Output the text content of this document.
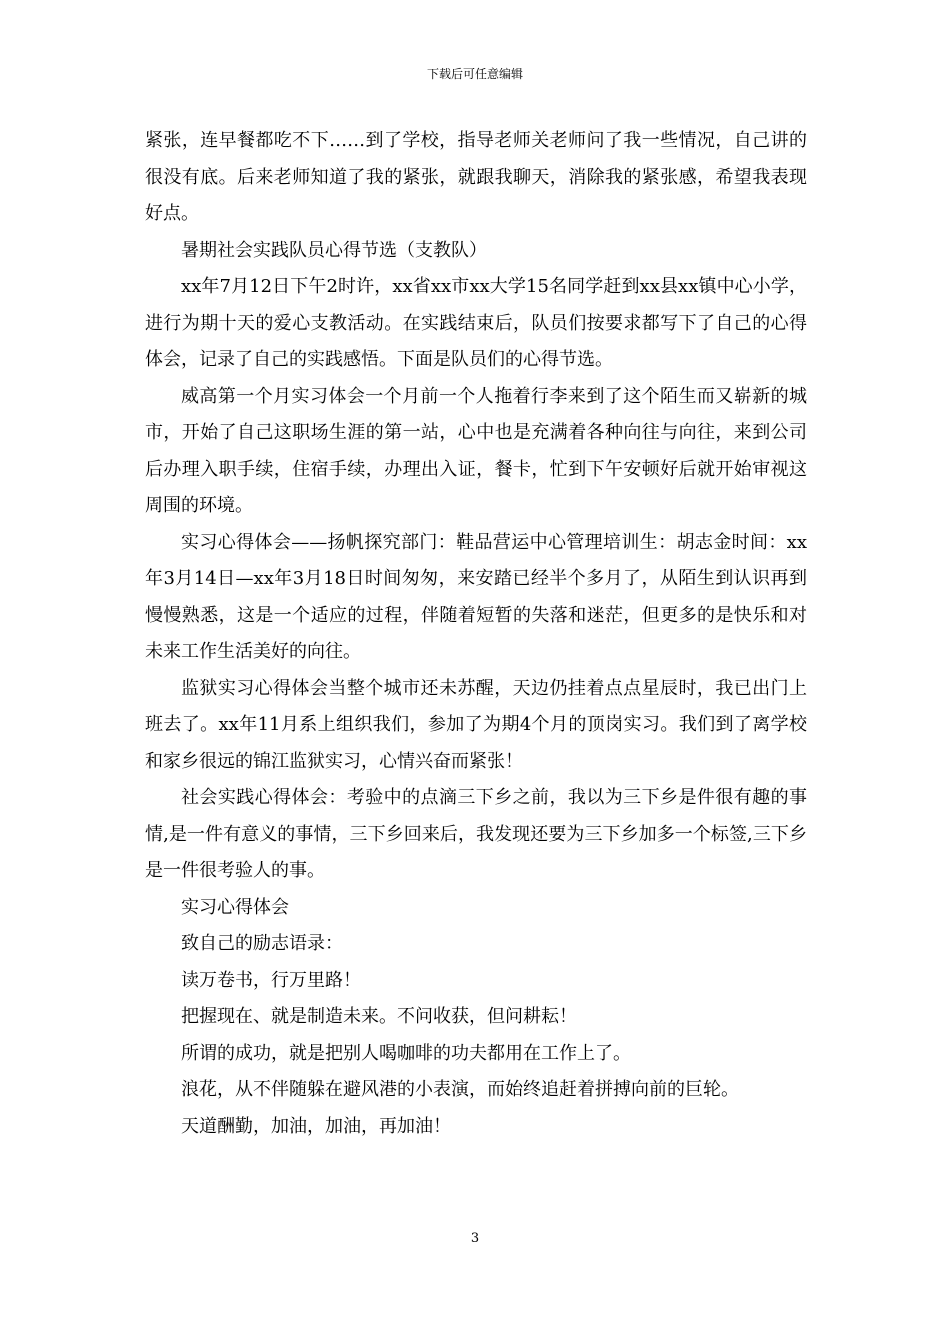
下载后可任意编辑

紧张，连早餐都吃不下……到了学校，指导老师关老师问了我一些情况，自己讲的很没有底。后来老师知道了我的紧张，就跟我聊天，消除我的紧张感，希望我表现好点。

暑期社会实践队员心得节选（支教队）

xx年7月12日下午2时许，xx省xx市xx大学15名同学赶到xx县xx镇中心小学，进行为期十天的爱心支教活动。在实践结束后，队员们按要求都写下了自己的心得体会，记录了自己的实践感悟。下面是队员们的心得节选。

威高第一个月实习体会一个月前一个人拖着行李来到了这个陌生而又崭新的城市，开始了自己这职场生涯的第一站，心中也是充满着各种向往与向往，来到公司后办理入职手续，住宿手续，办理出入证，餐卡，忙到下午安顿好后就开始审视这周围的环境。

实习心得体会——扬帆探究部门：鞋品营运中心管理培训生：胡志金时间：xx年3月14日—xx年3月18日时间匆匆，来安踏已经半个多月了，从陌生到认识再到慢慢熟悉，这是一个适应的过程，伴随着短暂的失落和迷茫，但更多的是快乐和对未来工作生活美好的向往。

监狱实习心得体会当整个城市还未苏醒，天边仍挂着点点星辰时，我已出门上班去了。xx年11月系上组织我们，参加了为期4个月的顶岗实习。我们到了离学校和家乡很远的锦江监狱实习，心情兴奋而紧张！

社会实践心得体会：考验中的点滴三下乡之前，我以为三下乡是件很有趣的事情,是一件有意义的事情，三下乡回来后，我发现还要为三下乡加多一个标签,三下乡是一件很考验人的事。

实习心得体会

致自己的励志语录：

读万卷书，行万里路！

把握现在、就是制造未来。不问收获，但问耕耘！

所谓的成功，就是把别人喝咖啡的功夫都用在工作上了。

浪花，从不伴随躲在避风港的小表演，而始终追赶着拼搏向前的巨轮。

天道酬勤，加油，加油，再加油！

3
